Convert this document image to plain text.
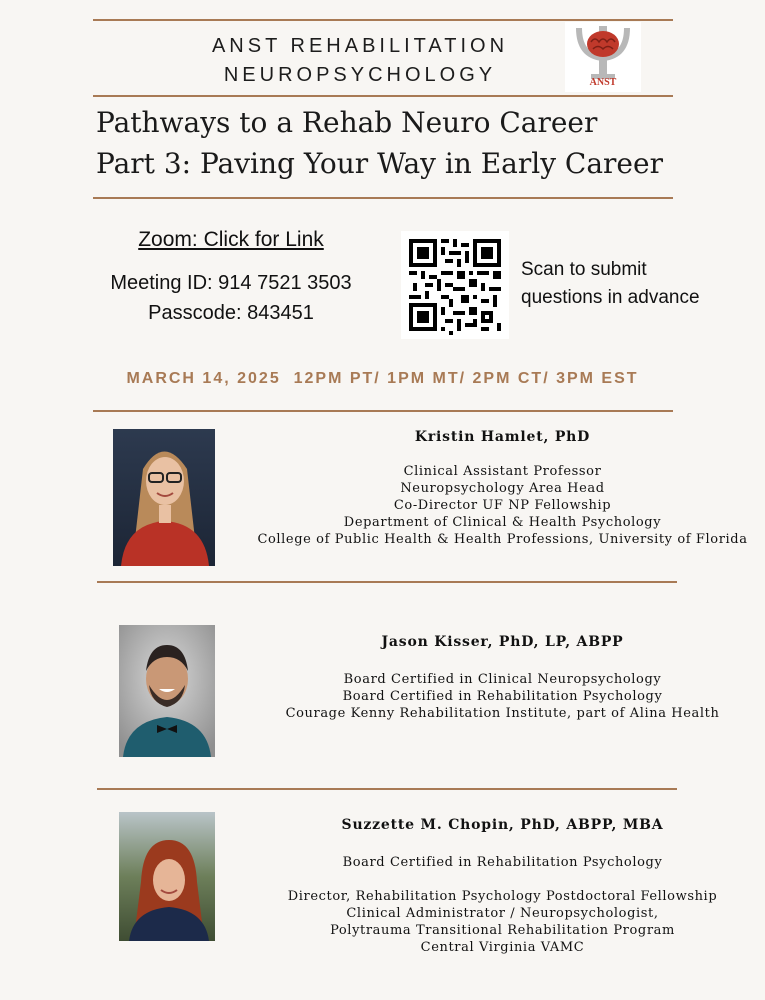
ANST REHABILITATION
NEUROPSYCHOLOGY	ANST
Pathways to a Rehab Neuro Career
Part 3: Paving Your Way in Early Career
Zoom: Click for Link
Meeting ID: 914 7521 3503
Passcode: 843451
Scan to submit
questions in advance
MARCH 14, 2025  12PM PT/ 1PM MT/ 2PM CT/ 3PM EST
Kristin Hamlet, PhD
Clinical Assistant Professor
Neuropsychology Area Head
Co-Director UF NP Fellowship
Department of Clinical & Health Psychology
College of Public Health & Health Professions, University of Florida
Jason Kisser, PhD, LP, ABPP
Board Certified in Clinical Neuropsychology
Board Certified in Rehabilitation Psychology
Courage Kenny Rehabilitation Institute, part of Alina Health
Suzzette M. Chopin, PhD, ABPP, MBA
Board Certified in Rehabilitation Psychology
Director, Rehabilitation Psychology Postdoctoral Fellowship
Clinical Administrator / Neuropsychologist,
Polytrauma Transitional Rehabilitation Program
Central Virginia VAMC
